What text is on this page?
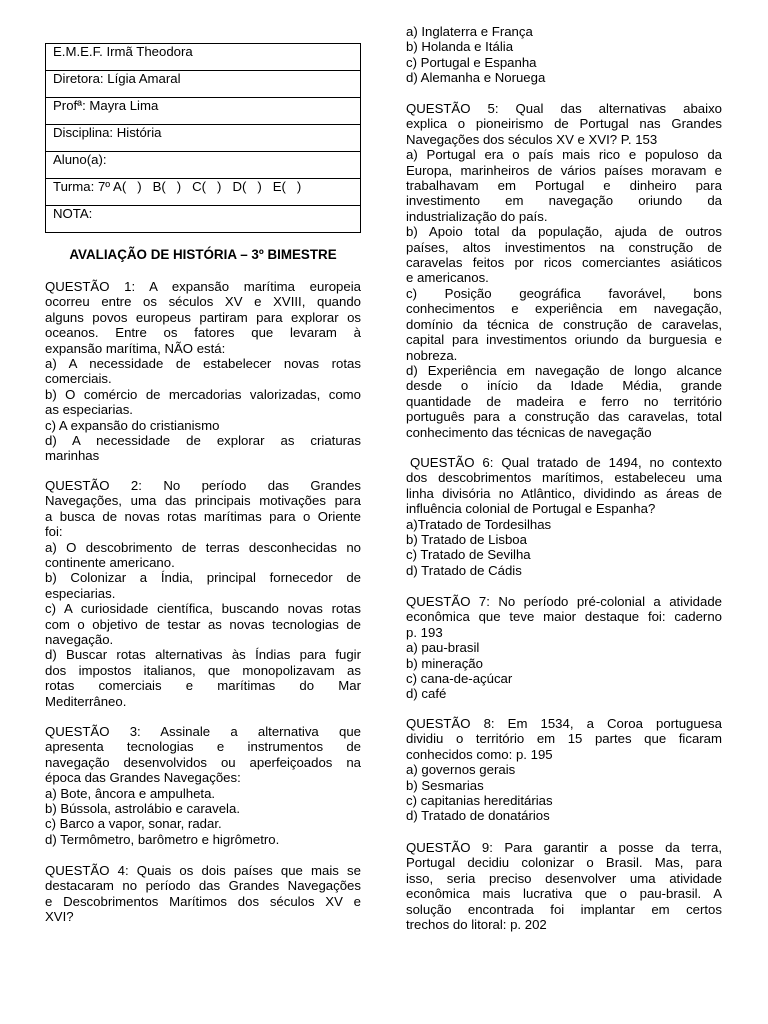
E.M.E.F. Irmã Theodora
Diretora: Lígia Amaral
Profª: Mayra Lima
Disciplina: História
Aluno(a):
Turma: 7º A(   )   B(   )   C(   )   D(   )   E(   )
NOTA:
AVALIAÇÃO DE HISTÓRIA – 3º BIMESTRE
QUESTÃO 1: A expansão marítima europeia
ocorreu entre os séculos XV e XVIII, quando
alguns povos europeus partiram para explorar os
oceanos. Entre os fatores que levaram à
expansão marítima, NÃO está:
a) A necessidade de estabelecer novas rotas
comerciais.
b) O comércio de mercadorias valorizadas, como
as especiarias.
c) A expansão do cristianismo
d) A necessidade de explorar as criaturas
marinhas
QUESTÃO 2: No período das Grandes
Navegações, uma das principais motivações para
a busca de novas rotas marítimas para o Oriente
foi:
a) O descobrimento de terras desconhecidas no
continente americano.
b) Colonizar a Índia, principal fornecedor de
especiarias.
c) A curiosidade científica, buscando novas rotas
com o objetivo de testar as novas tecnologias de
navegação.
d) Buscar rotas alternativas às Índias para fugir
dos impostos italianos, que monopolizavam as
rotas comerciais e marítimas do Mar
Mediterrâneo.
QUESTÃO 3: Assinale a alternativa que
apresenta tecnologias e instrumentos de
navegação desenvolvidos ou aperfeiçoados na
época das Grandes Navegações:
a) Bote, âncora e ampulheta.
b) Bússola, astrolábio e caravela.
c) Barco a vapor, sonar, radar.
d) Termômetro, barômetro e higrômetro.
QUESTÃO 4: Quais os dois países que mais se
destacaram no período das Grandes Navegações
e Descobrimentos Marítimos dos séculos XV e
XVI?
a) Inglaterra e França
b) Holanda e Itália
c) Portugal e Espanha
d) Alemanha e Noruega
QUESTÃO 5: Qual das alternativas abaixo
explica o pioneirismo de Portugal nas Grandes
Navegações dos séculos XV e XVI? P. 153
a) Portugal era o país mais rico e populoso da
Europa, marinheiros de vários países moravam e
trabalhavam em Portugal e dinheiro para
investimento em navegação oriundo da
industrialização do país.
b) Apoio total da população, ajuda de outros
países, altos investimentos na construção de
caravelas feitos por ricos comerciantes asiáticos
e americanos.
c) Posição geográfica favorável, bons
conhecimentos e experiência em navegação,
domínio da técnica de construção de caravelas,
capital para investimentos oriundo da burguesia e
nobreza.
d) Experiência em navegação de longo alcance
desde o início da Idade Média, grande
quantidade de madeira e ferro no território
português para a construção das caravelas, total
conhecimento das técnicas de navegação
QUESTÃO 6: Qual tratado de 1494, no contexto
dos descobrimentos marítimos, estabeleceu uma
linha divisória no Atlântico, dividindo as áreas de
influência colonial de Portugal e Espanha?
a)Tratado de Tordesilhas
b) Tratado de Lisboa
c) Tratado de Sevilha
d) Tratado de Cádis
QUESTÃO 7: No período pré-colonial a atividade
econômica que teve maior destaque foi: caderno
p. 193
a) pau-brasil
b) mineração
c) cana-de-açúcar
d) café
QUESTÃO 8: Em 1534, a Coroa portuguesa
dividiu o território em 15 partes que ficaram
conhecidos como: p. 195
a) governos gerais
b) Sesmarias
c) capitanias hereditárias
d) Tratado de donatários
QUESTÃO 9: Para garantir a posse da terra,
Portugal decidiu colonizar o Brasil. Mas, para
isso, seria preciso desenvolver uma atividade
econômica mais lucrativa que o pau-brasil. A
solução encontrada foi implantar em certos
trechos do litoral: p. 202
